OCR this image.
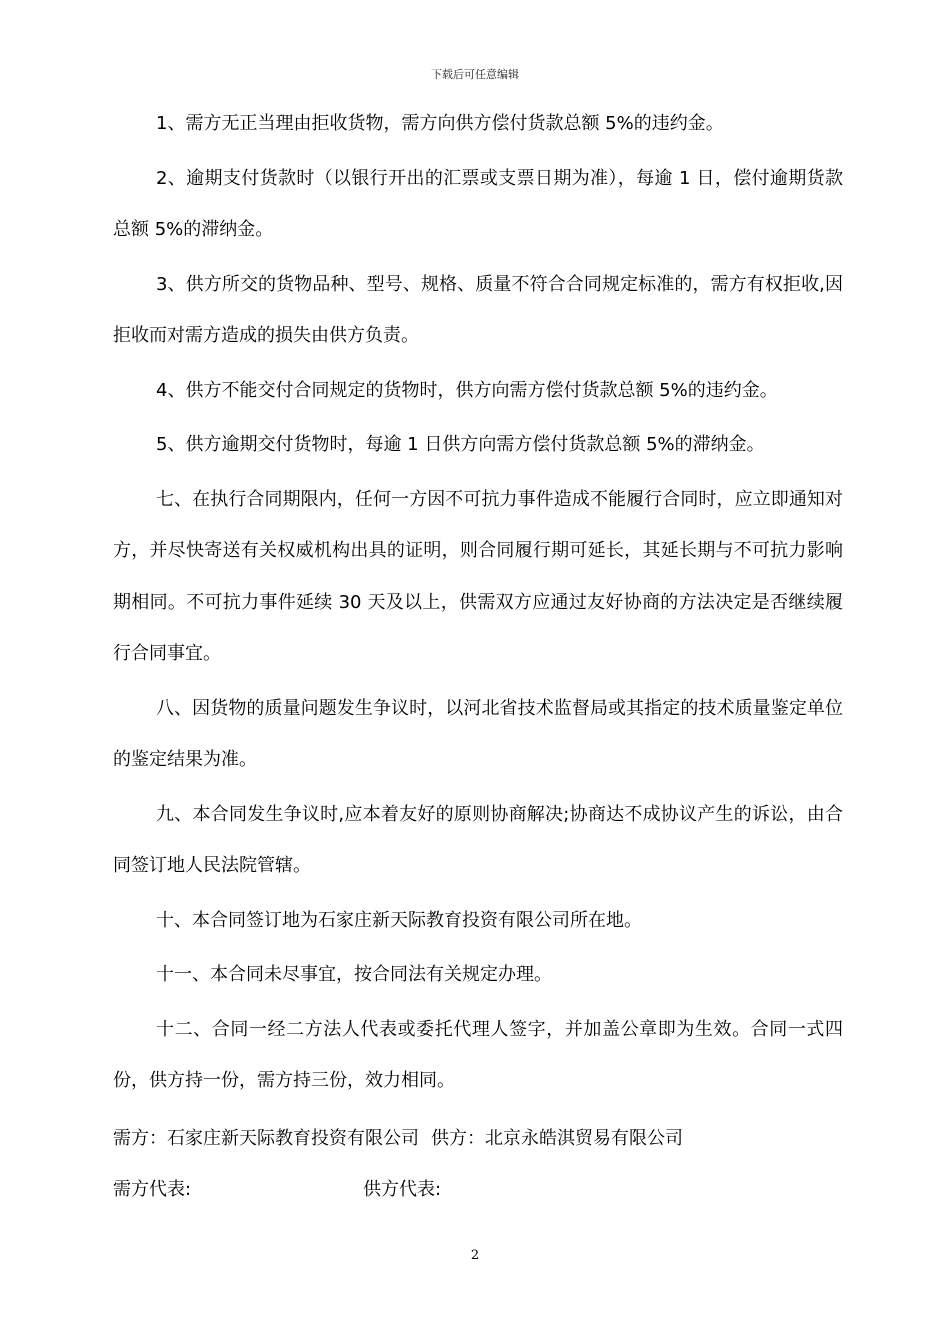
下载后可任意编辑

1、需方无正当理由拒收货物，需方向供方偿付货款总额 5%的违约金。

2、逾期支付货款时（以银行开出的汇票或支票日期为准），每逾 1 日，偿付逾期货款总额 5%的滞纳金。

3、供方所交的货物品种、型号、规格、质量不符合合同规定标准的，需方有权拒收,因拒收而对需方造成的损失由供方负责。

4、供方不能交付合同规定的货物时，供方向需方偿付货款总额 5%的违约金。

5、供方逾期交付货物时，每逾 1 日供方向需方偿付货款总额 5%的滞纳金。

七、在执行合同期限内，任何一方因不可抗力事件造成不能履行合同时，应立即通知对方，并尽快寄送有关权威机构出具的证明，则合同履行期可延长，其延长期与不可抗力影响期相同。不可抗力事件延续 30 天及以上，供需双方应通过友好协商的方法决定是否继续履行合同事宜。

八、因货物的质量问题发生争议时，以河北省技术监督局或其指定的技术质量鉴定单位的鉴定结果为准。

九、本合同发生争议时,应本着友好的原则协商解决;协商达不成协议产生的诉讼，由合同签订地人民法院管辖。

十、本合同签订地为石家庄新天际教育投资有限公司所在地。

十一、本合同未尽事宜，按合同法有关规定办理。

十二、合同一经二方法人代表或委托代理人签字，并加盖公章即为生效。合同一式四份，供方持一份，需方持三份，效力相同。

需方：石家庄新天际教育投资有限公司 供方：北京永皓淇贸易有限公司
需方代表:	供方代表:
2
